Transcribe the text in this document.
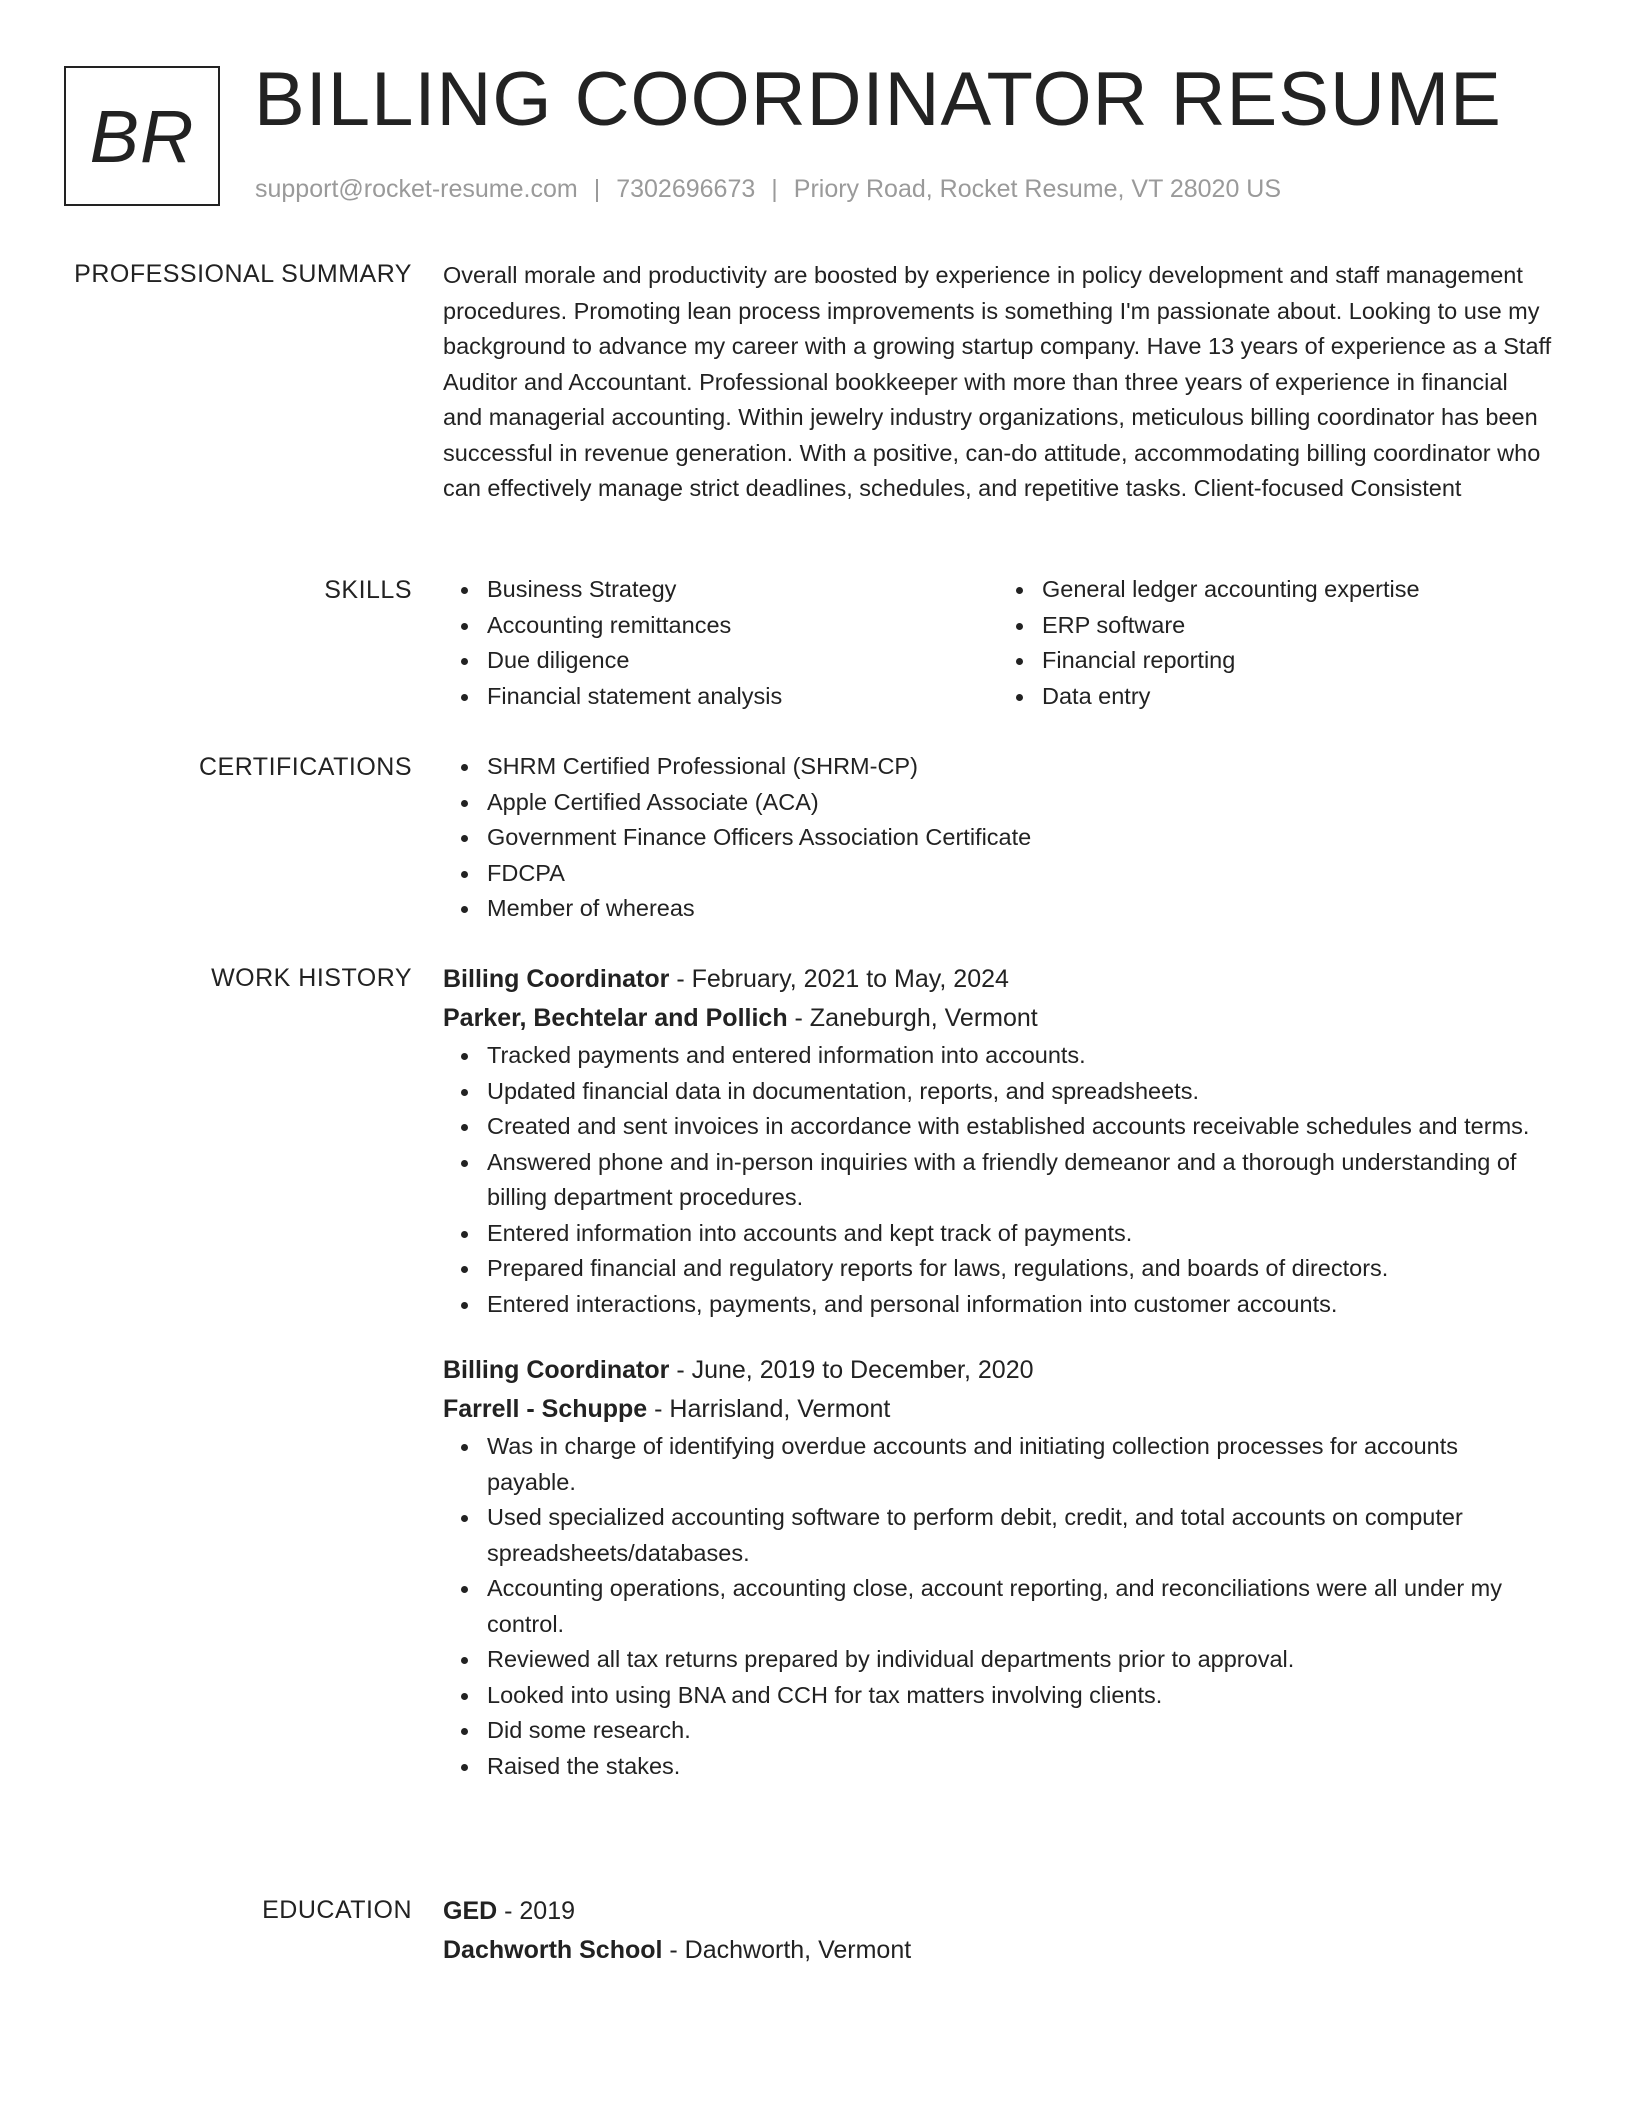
BR BILLING COORDINATOR RESUME
support@rocket-resume.com | 7302696673 | Priory Road, Rocket Resume, VT 28020 US
PROFESSIONAL SUMMARY Overall morale and productivity are boosted by experience in policy development and staff management procedures. Promoting lean process improvements is something I'm passionate about. Looking to use my background to advance my career with a growing startup company. Have 13 years of experience as a Staff Auditor and Accountant. Professional bookkeeper with more than three years of experience in financial and managerial accounting. Within jewelry industry organizations, meticulous billing coordinator has been successful in revenue generation. With a positive, can-do attitude, accommodating billing coordinator who can effectively manage strict deadlines, schedules, and repetitive tasks. Client-focused Consistent

SKILLS	Business Strategy
Accounting remittances
Due diligence
Financial statement analysis
General ledger accounting expertise
ERP software
Financial reporting
Data entry
CERTIFICATIONS	SHRM Certified Professional (SHRM-CP)
Apple Certified Associate (ACA)
Government Finance Officers Association Certificate
FDCPA
Member of whereas
WORK HISTORY Billing Coordinator - February, 2021 to May, 2024
Parker, Bechtelar and Pollich - Zaneburgh, Vermont
Tracked payments and entered information into accounts.
Updated financial data in documentation, reports, and spreadsheets.
Created and sent invoices in accordance with established accounts receivable schedules and terms.
Answered phone and in-person inquiries with a friendly demeanor and a thorough understanding of billing department procedures.
Entered information into accounts and kept track of payments.
Prepared financial and regulatory reports for laws, regulations, and boards of directors.
Entered interactions, payments, and personal information into customer accounts.
Billing Coordinator - June, 2019 to December, 2020
Farrell - Schuppe - Harrisland, Vermont
Was in charge of identifying overdue accounts and initiating collection processes for accounts payable.
Used specialized accounting software to perform debit, credit, and total accounts on computer spreadsheets/databases.
Accounting operations, accounting close, account reporting, and reconciliations were all under my control.
Reviewed all tax returns prepared by individual departments prior to approval.
Looked into using BNA and CCH for tax matters involving clients.
Did some research.
Raised the stakes.
EDUCATION GED - 2019
Dachworth School - Dachworth, Vermont
